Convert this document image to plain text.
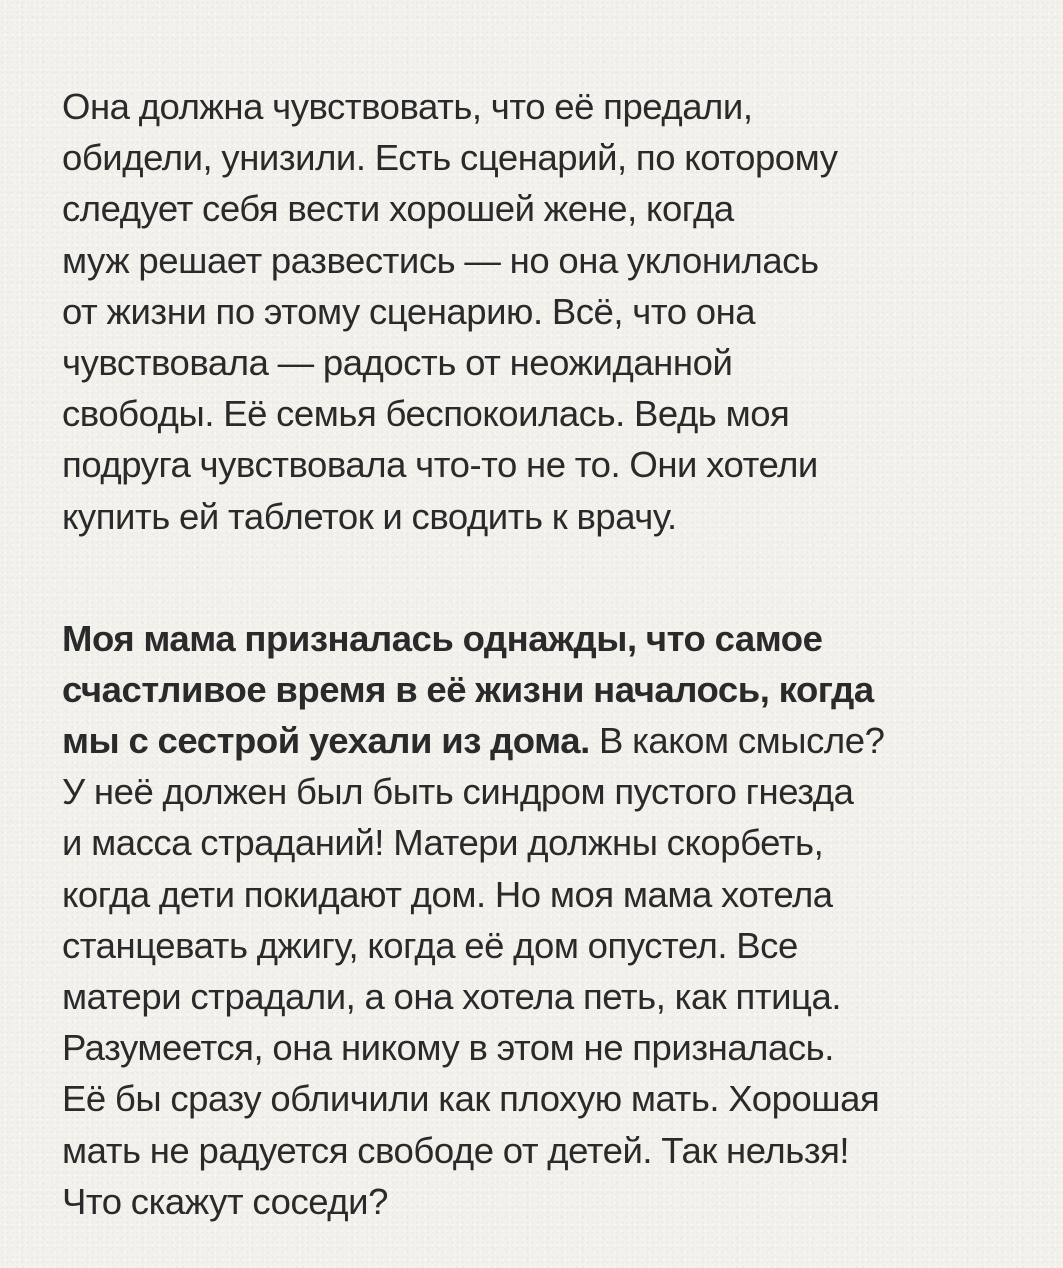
Она должна чувствовать, что её предали,
обидели, унизили. Есть сценарий, по которому
следует себя вести хорошей жене, когда
муж решает развестись — но она уклонилась
от жизни по этому сценарию. Всё, что она
чувствовала — радость от неожиданной
свободы. Её семья беспокоилась. Ведь моя
подруга чувствовала что-то не то. Они хотели
купить ей таблеток и сводить к врачу.

Моя мама призналась однажды, что самое
счастливое время в её жизни началось, когда
мы с сестрой уехали из дома. В каком смысле?
У неё должен был быть синдром пустого гнезда
и масса страданий! Матери должны скорбеть,
когда дети покидают дом. Но моя мама хотела
станцевать джигу, когда её дом опустел. Все
матери страдали, а она хотела петь, как птица.
Разумеется, она никому в этом не призналась.
Её бы сразу обличили как плохую мать. Хорошая
мать не радуется свободе от детей. Так нельзя!
Что скажут соседи?
